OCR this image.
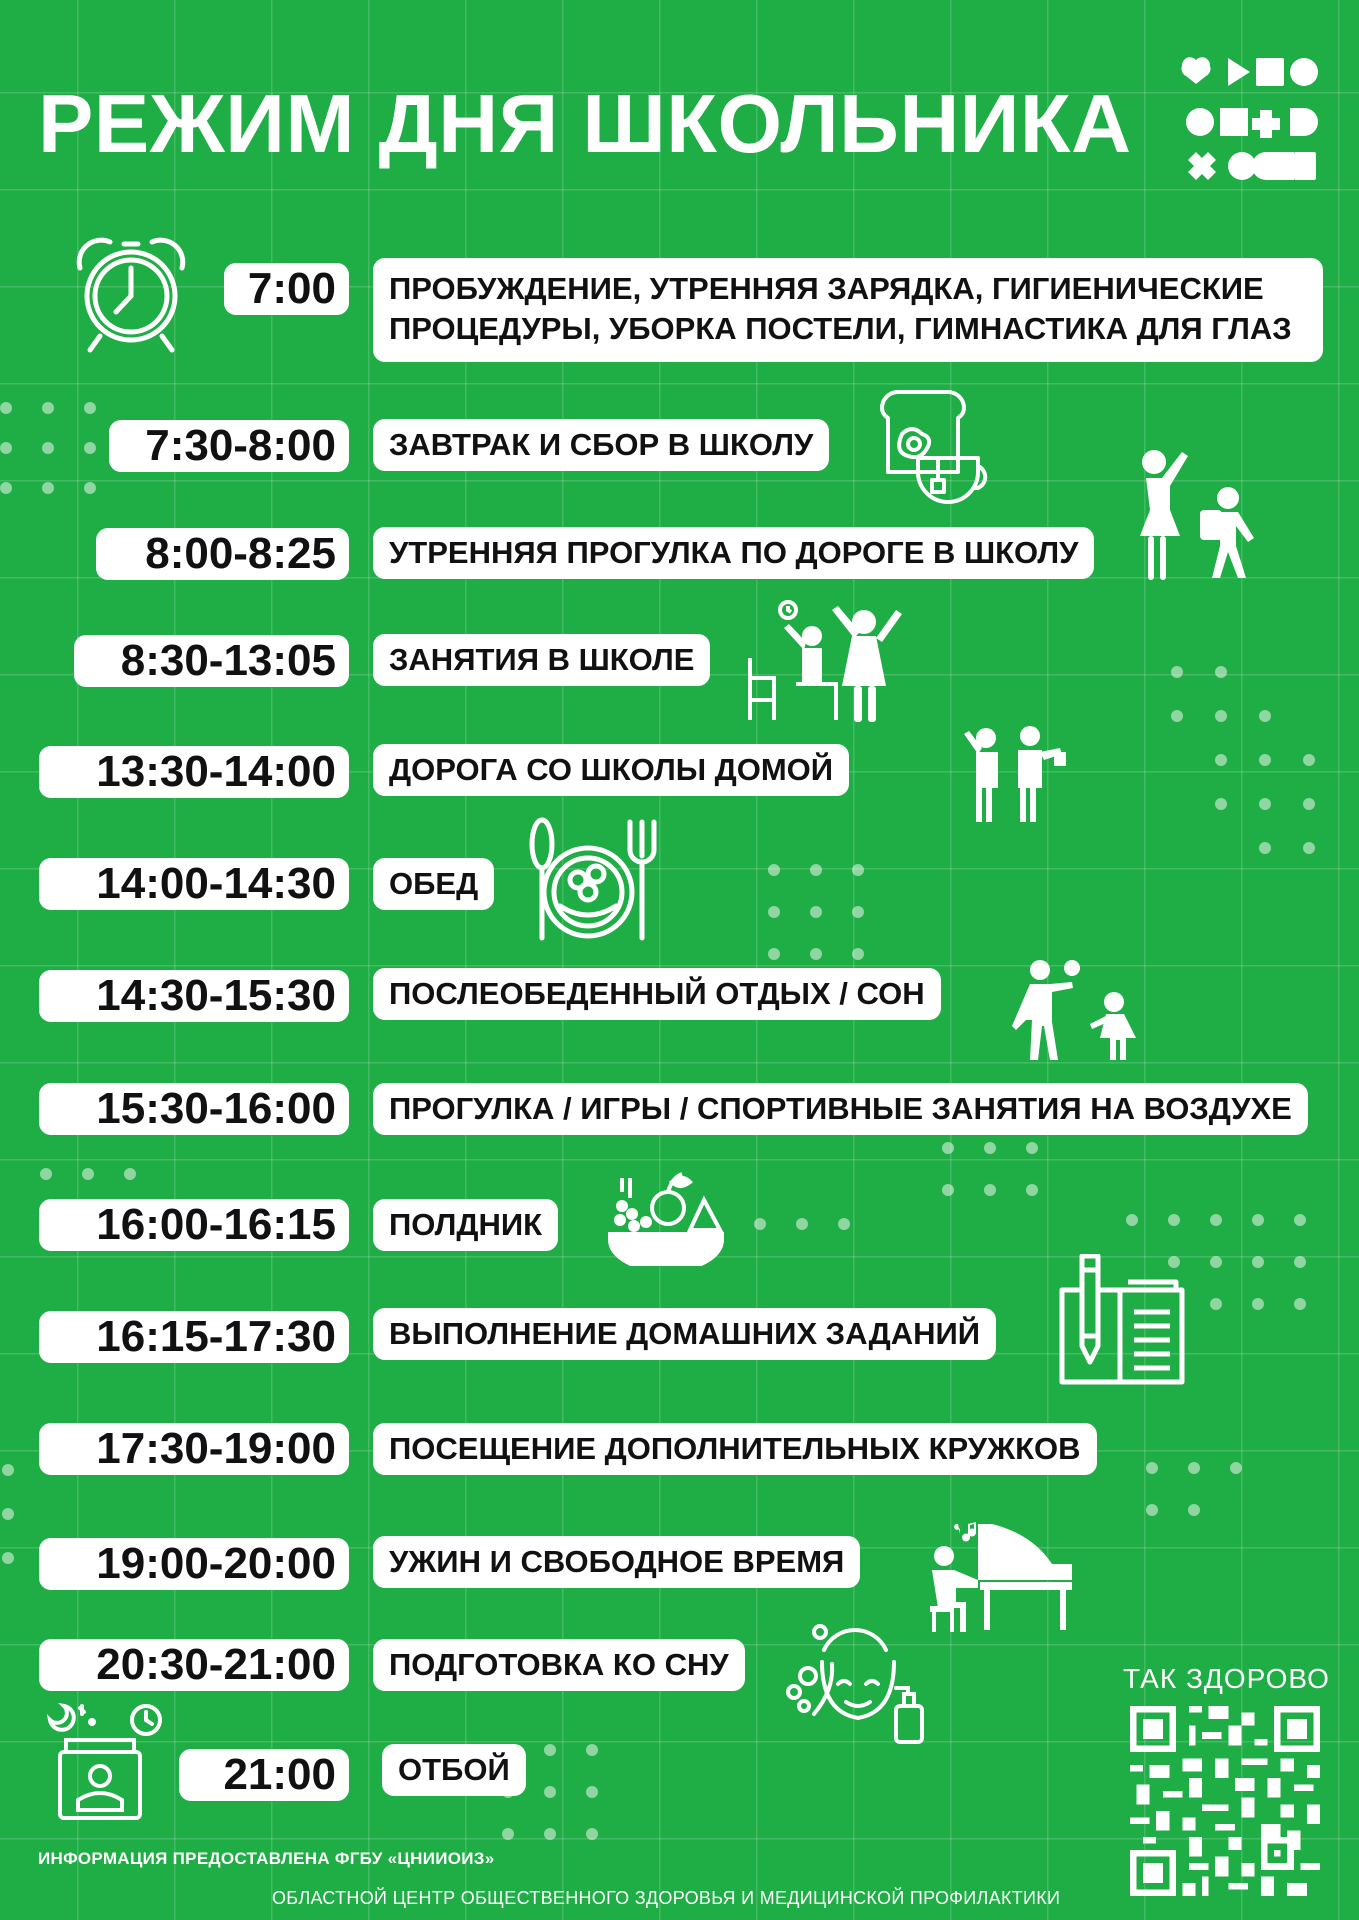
РЕЖИМ ДНЯ ШКОЛЬНИКА
7:00	ПРОБУЖДЕНИЕ, УТРЕННЯЯ ЗАРЯДКА, ГИГИЕНИЧЕСКИЕ ПРОЦЕДУРЫ, УБОРКА ПОСТЕЛИ, ГИМНАСТИКА ДЛЯ ГЛАЗ
7:30-8:00	ЗАВТРАК И СБОР В ШКОЛУ
8:00-8:25	УТРЕННЯЯ ПРОГУЛКА ПО ДОРОГЕ В ШКОЛУ
8:30-13:05	ЗАНЯТИЯ В ШКОЛЕ
13:30-14:00	ДОРОГА СО ШКОЛЫ ДОМОЙ
14:00-14:30	ОБЕД
14:30-15:30	ПОСЛЕОБЕДЕННЫЙ ОТДЫХ / СОН
15:30-16:00	ПРОГУЛКА / ИГРЫ / СПОРТИВНЫЕ ЗАНЯТИЯ НА ВОЗДУХЕ
16:00-16:15	ПОЛДНИК
16:15-17:30	ВЫПОЛНЕНИЕ ДОМАШНИХ ЗАДАНИЙ
17:30-19:00	ПОСЕЩЕНИЕ ДОПОЛНИТЕЛЬНЫХ КРУЖКОВ
19:00-20:00	УЖИН И СВОБОДНОЕ ВРЕМЯ
20:30-21:00	ПОДГОТОВКА КО СНУ
21:00	ОТБОЙ
ТАК ЗДОРОВО
ИНФОРМАЦИЯ ПРЕДОСТАВЛЕНА ФГБУ «ЦНИИОИЗ»
ОБЛАСТНОЙ ЦЕНТР ОБЩЕСТВЕННОГО ЗДОРОВЬЯ И МЕДИЦИНСКОЙ ПРОФИЛАКТИКИ
